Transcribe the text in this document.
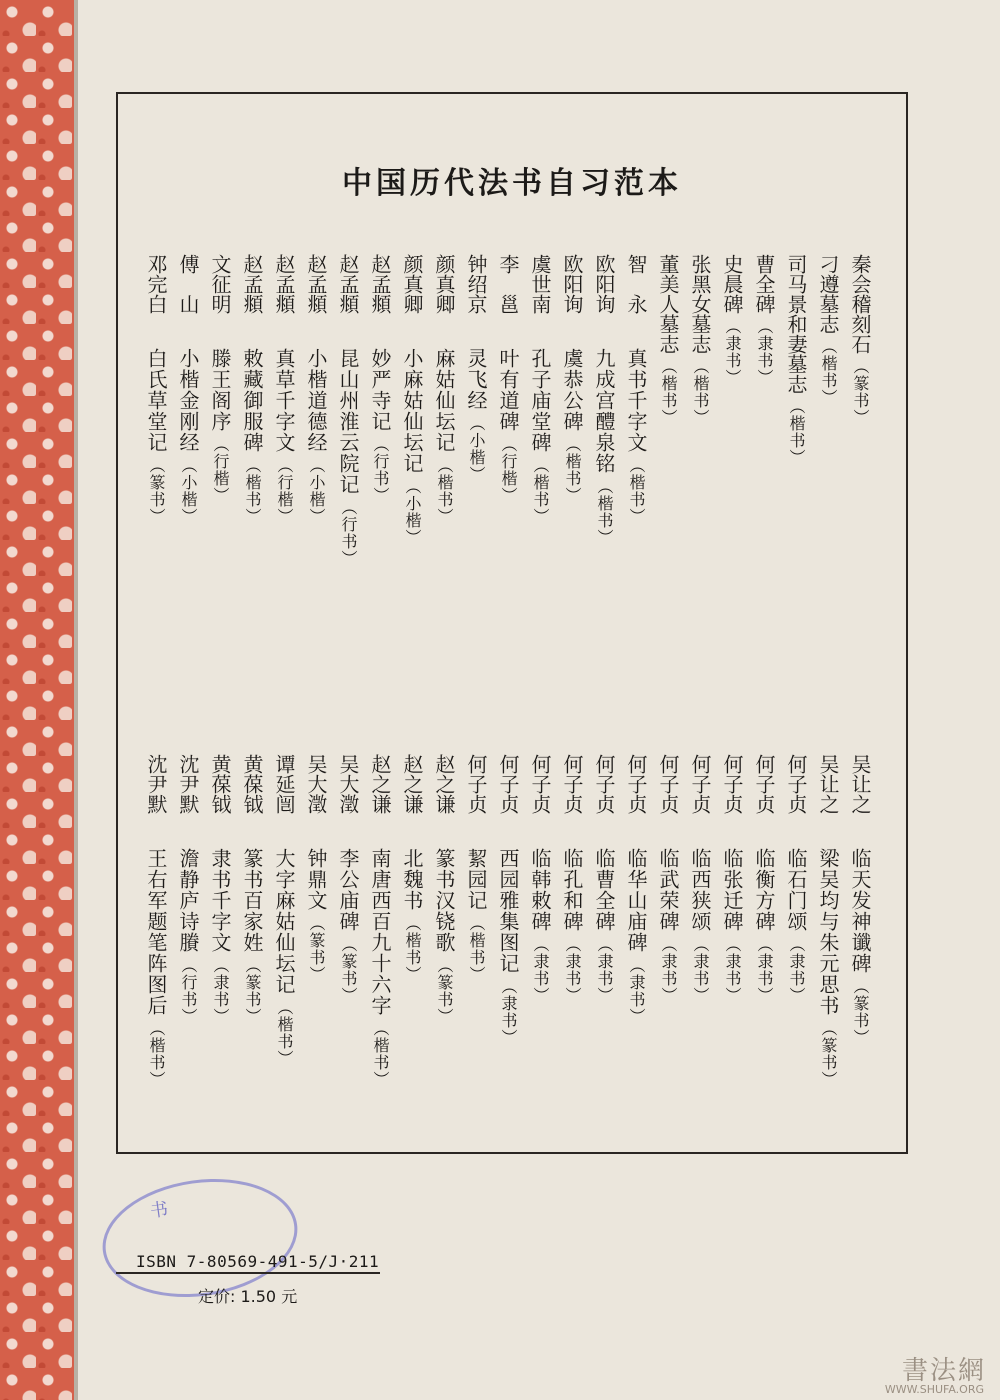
中国历代法书自习范本
秦会稽刻石
（篆书）
刁遵墓志
（楷书）
司马景和妻墓志
（楷书）
曹全碑
（隶书）
史晨碑
（隶书）
张黑女墓志
（楷书）
董美人墓志
（楷书）
智　永
真书千字文
（楷书）
欧阳询
九成宫醴泉铭
（楷书）
欧阳询
虞恭公碑
（楷书）
虞世南
孔子庙堂碑
（楷书）
李　邕
叶有道碑
（行楷）
钟绍京
灵飞经
（小楷）
颜真卿
麻姑仙坛记
（楷书）
颜真卿
小麻姑仙坛记
（小楷）
赵孟頫
妙严寺记
（行书）
赵孟頫
昆山州淮云院记
（行书）
赵孟頫
小楷道德经
（小楷）
赵孟頫
真草千字文
（行楷）
赵孟頫
敕藏御服碑
（楷书）
文征明
滕王阁序
（行楷）
傅　山
小楷金刚经
（小楷）
邓完白
白氏草堂记
（篆书）
吴让之
临天发神谶碑
（篆书）
吴让之
梁吴均与朱元思书
（篆书）
何子贞
临石门颂
（隶书）
何子贞
临衡方碑
（隶书）
何子贞
临张迁碑
（隶书）
何子贞
临西狭颂
（隶书）
何子贞
临武荣碑
（隶书）
何子贞
临华山庙碑
（隶书）
何子贞
临曹全碑
（隶书）
何子贞
临孔和碑
（隶书）
何子贞
临韩敕碑
（隶书）
何子贞
西园雅集图记
（隶书）
何子贞
絜园记
（楷书）
赵之谦
篆书汉铙歌
（篆书）
赵之谦
北魏书
（楷书）
赵之谦
南唐西百九十六字
（楷书）
吴大澂
李公庙碑
（篆书）
吴大澂
钟鼎文
（篆书）
谭延闿
大字麻姑仙坛记
（楷书）
黄葆钺
篆书百家姓
（篆书）
黄葆钺
隶书千字文
（隶书）
沈尹默
澹静庐诗賸
（行书）
沈尹默
王右军题笔阵图后
（楷书）
书
ISBN 7-80569-491-5/J·211
定价: 1.50 元
書法網
WWW.SHUFA.ORG
